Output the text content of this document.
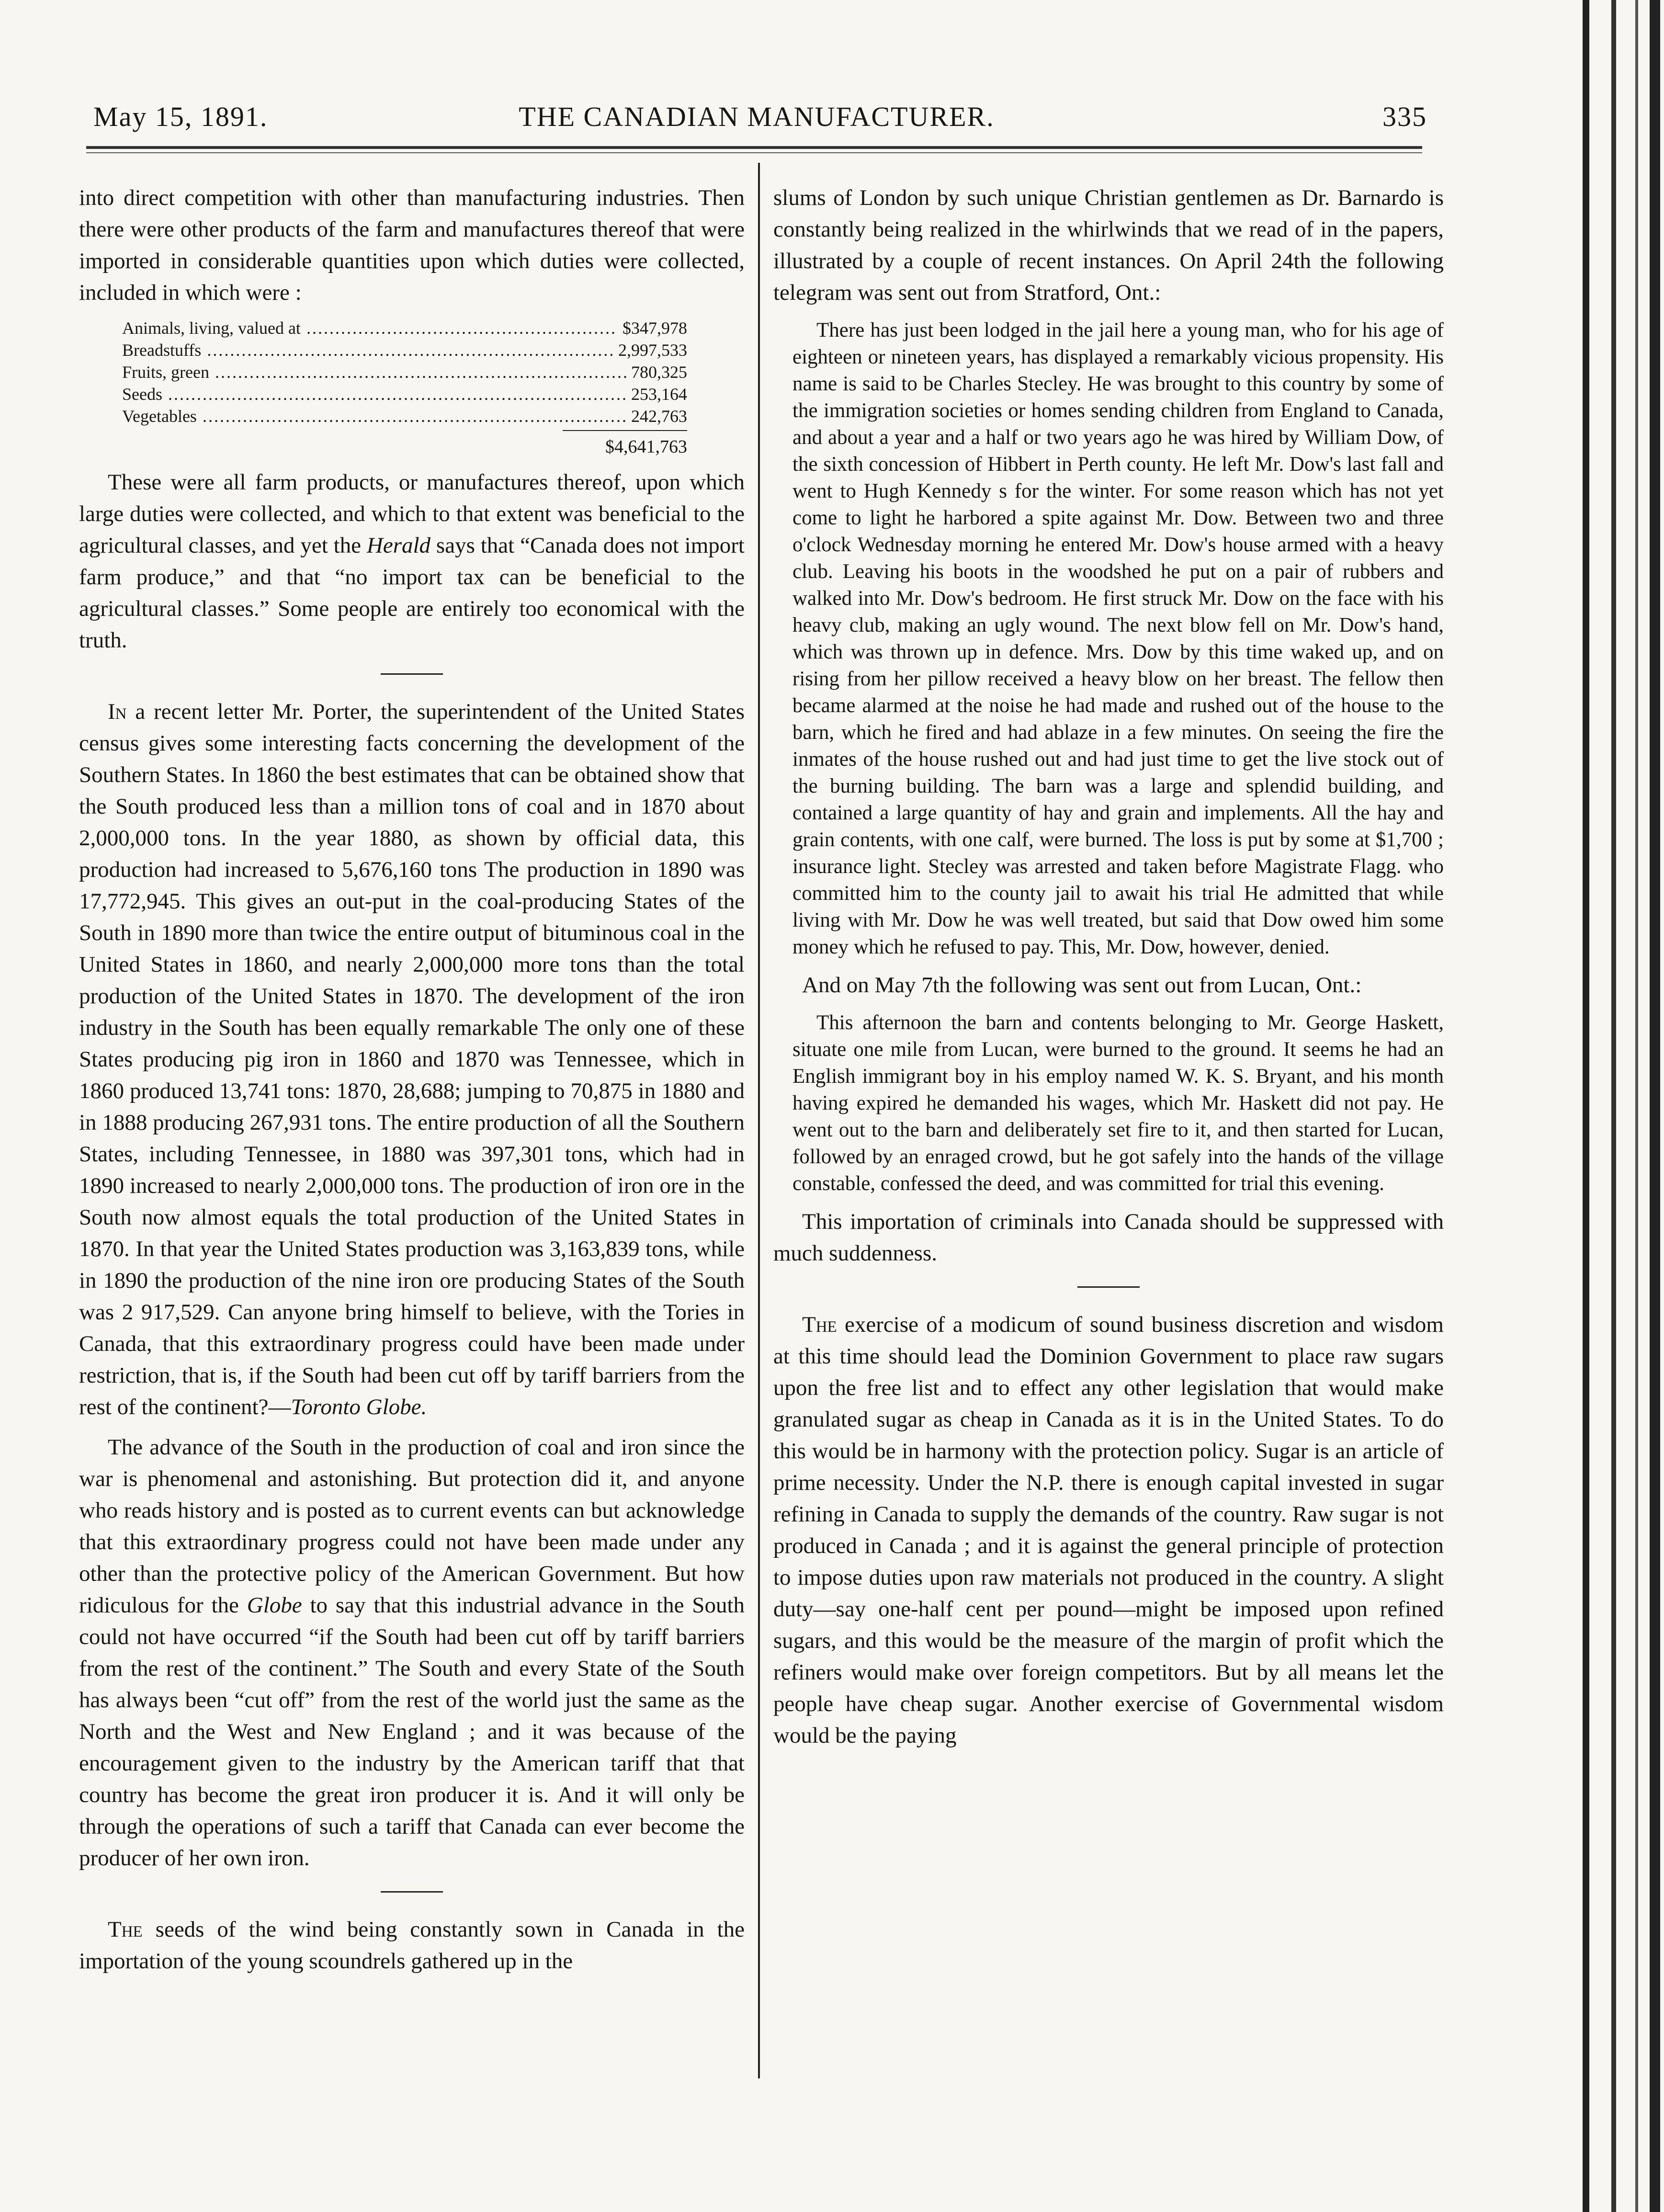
May 15, 1891.	THE CANADIAN MANUFACTURER.	335

into direct competition with other than manufacturing industries. Then there were other products of the farm and manufactures thereof that were imported in considerable quantities upon which duties were collected, included in which were :

Animals, living, valued at .....	$347,978
Breadstuffs .....	2,997,533
Fruits, green .....	780,325
Seeds .....	253,164
Vegetables .....	242,763
$4,641,763

These were all farm products, or manufactures thereof, upon which large duties were collected, and which to that extent was beneficial to the agricultural classes, and yet the Herald says that “Canada does not import farm produce,” and that “no import tax can be beneficial to the agricultural classes.” Some people are entirely too economical with the truth.

In a recent letter Mr. Porter, the superintendent of the United States census gives some interesting facts concerning the development of the Southern States. In 1860 the best estimates that can be obtained show that the South produced less than a million tons of coal and in 1870 about 2,000,000 tons. In the year 1880, as shown by official data, this production had increased to 5,676,160 tons The production in 1890 was 17,772,945. This gives an out-put in the coal-producing States of the South in 1890 more than twice the entire output of bituminous coal in the United States in 1860, and nearly 2,000,000 more tons than the total production of the United States in 1870. The development of the iron industry in the South has been equally remarkable The only one of these States producing pig iron in 1860 and 1870 was Tennessee, which in 1860 produced 13,741 tons: 1870, 28,688; jumping to 70,875 in 1880 and in 1888 producing 267,931 tons. The entire production of all the Southern States, including Tennessee, in 1880 was 397,301 tons, which had in 1890 increased to nearly 2,000,000 tons. The production of iron ore in the South now almost equals the total production of the United States in 1870. In that year the United States production was 3,163,839 tons, while in 1890 the production of the nine iron ore producing States of the South was 2 917,529. Can anyone bring himself to believe, with the Tories in Canada, that this extraordinary progress could have been made under restriction, that is, if the South had been cut off by tariff barriers from the rest of the continent?—Toronto Globe.

The advance of the South in the production of coal and iron since the war is phenomenal and astonishing. But protection did it, and anyone who reads history and is posted as to current events can but acknowledge that this extraordinary progress could not have been made under any other than the protective policy of the American Government. But how ridiculous for the Globe to say that this industrial advance in the South could not have occurred “if the South had been cut off by tariff barriers from the rest of the continent.” The South and every State of the South has always been “cut off” from the rest of the world just the same as the North and the West and New England ; and it was because of the encouragement given to the industry by the American tariff that that country has become the great iron producer it is. And it will only be through the operations of such a tariff that Canada can ever become the producer of her own iron.

The seeds of the wind being constantly sown in Canada in the importation of the young scoundrels gathered up in the

slums of London by such unique Christian gentlemen as Dr. Barnardo is constantly being realized in the whirlwinds that we read of in the papers, illustrated by a couple of recent instances. On April 24th the following telegram was sent out from Stratford, Ont.:

There has just been lodged in the jail here a young man, who for his age of eighteen or nineteen years, has displayed a remarkably vicious propensity. His name is said to be Charles Stecley. He was brought to this country by some of the immigration societies or homes sending children from England to Canada, and about a year and a half or two years ago he was hired by William Dow, of the sixth concession of Hibbert in Perth county. He left Mr. Dow's last fall and went to Hugh Kennedy s for the winter. For some reason which has not yet come to light he harbored a spite against Mr. Dow. Between two and three o'clock Wednesday morning he entered Mr. Dow's house armed with a heavy club. Leaving his boots in the woodshed he put on a pair of rubbers and walked into Mr. Dow's bedroom. He first struck Mr. Dow on the face with his heavy club, making an ugly wound. The next blow fell on Mr. Dow's hand, which was thrown up in defence. Mrs. Dow by this time waked up, and on rising from her pillow received a heavy blow on her breast. The fellow then became alarmed at the noise he had made and rushed out of the house to the barn, which he fired and had ablaze in a few minutes. On seeing the fire the inmates of the house rushed out and had just time to get the live stock out of the burning building. The barn was a large and splendid building, and contained a large quantity of hay and grain and implements. All the hay and grain contents, with one calf, were burned. The loss is put by some at $1,700 ; insurance light. Stecley was arrested and taken before Magistrate Flagg. who committed him to the county jail to await his trial He admitted that while living with Mr. Dow he was well treated, but said that Dow owed him some money which he refused to pay. This, Mr. Dow, however, denied.

And on May 7th the following was sent out from Lucan, Ont.:

This afternoon the barn and contents belonging to Mr. George Haskett, situate one mile from Lucan, were burned to the ground. It seems he had an English immigrant boy in his employ named W. K. S. Bryant, and his month having expired he demanded his wages, which Mr. Haskett did not pay. He went out to the barn and deliberately set fire to it, and then started for Lucan, followed by an enraged crowd, but he got safely into the hands of the village constable, confessed the deed, and was committed for trial this evening.

This importation of criminals into Canada should be suppressed with much suddenness.

The exercise of a modicum of sound business discretion and wisdom at this time should lead the Dominion Government to place raw sugars upon the free list and to effect any other legislation that would make granulated sugar as cheap in Canada as it is in the United States. To do this would be in harmony with the protection policy. Sugar is an article of prime necessity. Under the N.P. there is enough capital invested in sugar refining in Canada to supply the demands of the country. Raw sugar is not produced in Canada ; and it is against the general principle of protection to impose duties upon raw materials not produced in the country. A slight duty—say one-half cent per pound—might be imposed upon refined sugars, and this would be the measure of the margin of profit which the refiners would make over foreign competitors. But by all means let the people have cheap sugar. Another exercise of Governmental wisdom would be the paying
